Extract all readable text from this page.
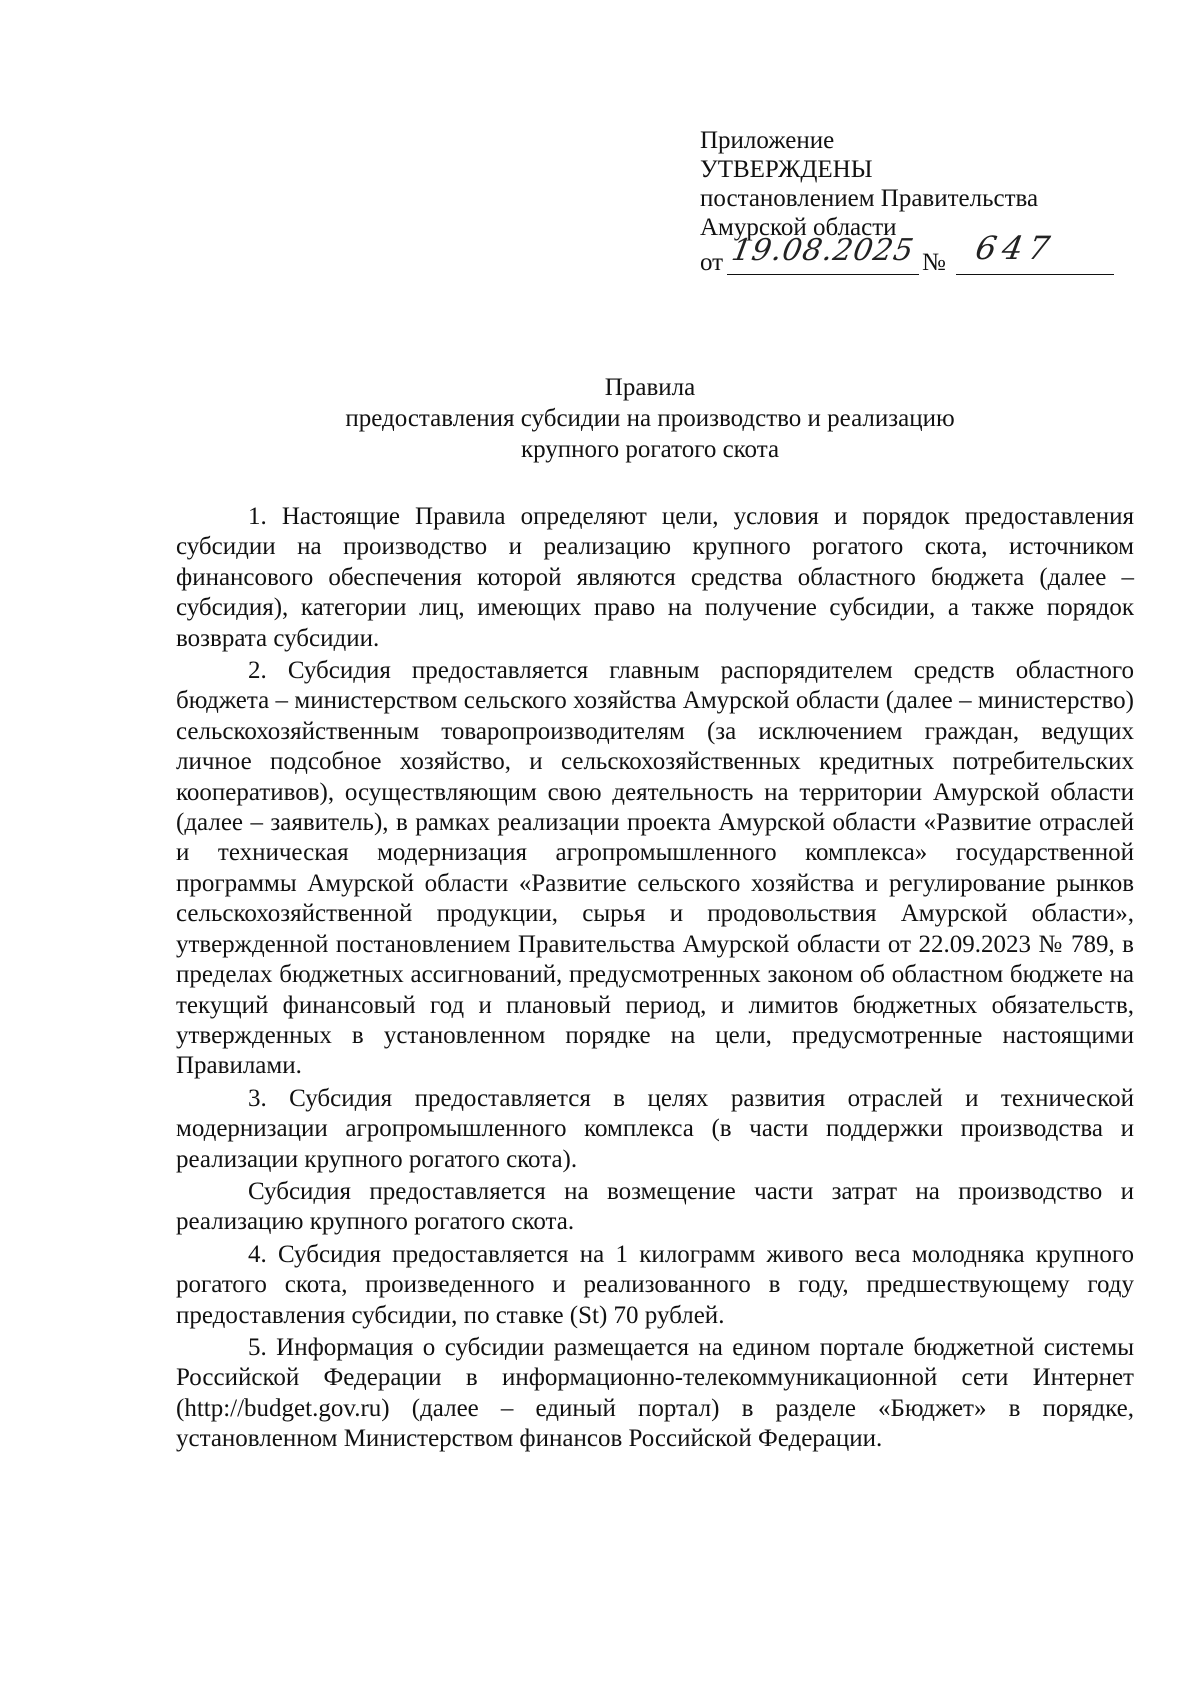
Приложение
УТВЕРЖДЕНЫ
постановлением Правительства
Амурской области
от 19.08.2025 № 647
Правила
предоставления субсидии на производство и реализацию
крупного рогатого скота

1. Настоящие Правила определяют цели, условия и порядок предоставления субсидии на производство и реализацию крупного рогатого скота, источником финансового обеспечения которой являются средства областного бюджета (далее – субсидия), категории лиц, имеющих право на получение субсидии, а также порядок возврата субсидии.

2. Субсидия предоставляется главным распорядителем средств областного бюджета – министерством сельского хозяйства Амурской области (далее – министерство) сельскохозяйственным товаропроизводителям (за исключением граждан, ведущих личное подсобное хозяйство, и сельскохозяйственных кредитных потребительских кооперативов), осуществляющим свою деятельность на территории Амурской области (далее – заявитель), в рамках реализации проекта Амурской области «Развитие отраслей и техническая модернизация агропромышленного комплекса» государственной программы Амурской области «Развитие сельского хозяйства и регулирование рынков сельскохозяйственной продукции, сырья и продовольствия Амурской области», утвержденной постановлением Правительства Амурской области от 22.09.2023 № 789, в пределах бюджетных ассигнований, предусмотренных законом об областном бюджете на текущий финансовый год и плановый период, и лимитов бюджетных обязательств, утвержденных в установленном порядке на цели, предусмотренные настоящими Правилами.

3. Субсидия предоставляется в целях развития отраслей и технической модернизации агропромышленного комплекса (в части поддержки производства и реализации крупного рогатого скота).

Субсидия предоставляется на возмещение части затрат на производство и реализацию крупного рогатого скота.

4. Субсидия предоставляется на 1 килограмм живого веса молодняка крупного рогатого скота, произведенного и реализованного в году, предшествующему году предоставления субсидии, по ставке (St) 70 рублей.

5. Информация о субсидии размещается на едином портале бюджетной системы Российской Федерации в информационно-телекоммуникационной сети Интернет (http://budget.gov.ru) (далее – единый портал) в разделе «Бюджет» в порядке, установленном Министерством финансов Российской Федерации.
